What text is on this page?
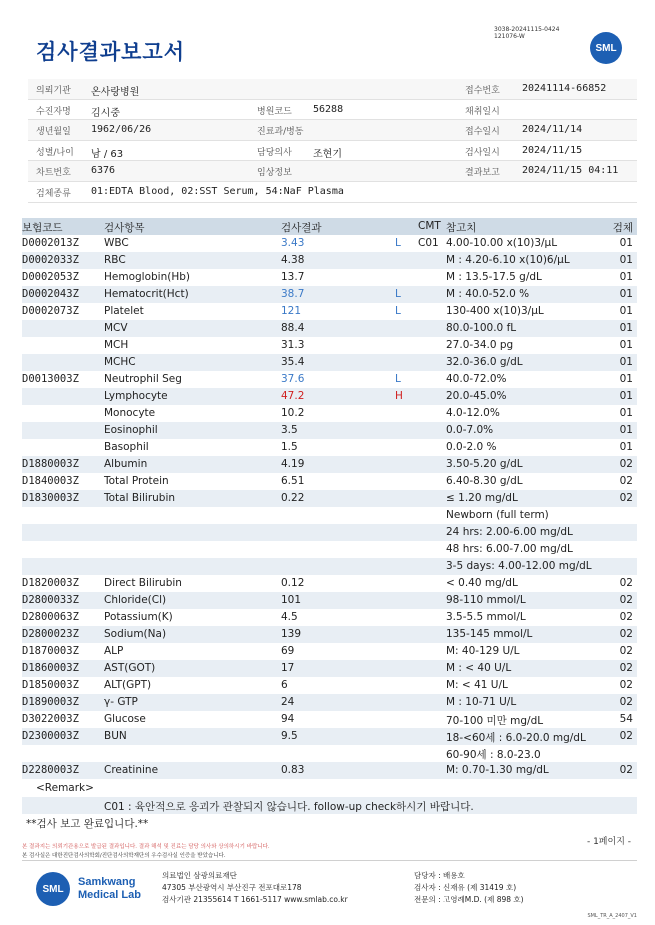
검사결과보고서
3038-20241115-0424
121076-W
SML
의뢰기관 온사랑병원	접수번호 20241114-66852
수진자명 김시중	병원코드 56288	채취일시
생년월일 1962/06/26	진료과/병동	접수일시 2024/11/14
성별/나이 남 / 63	담당의사 조현기	검사일시 2024/11/15
차트번호 6376	임상정보	결과보고 2024/11/15 04:11
검체종류 01:EDTA Blood, 02:SST Serum, 54:NaF Plasma
보험코드	검사항목	검사결과	CMT 참고치	검체
D0002013Z WBC	3.43	L C01 4.00-10.00 x(10)3/μL	01
D0002033Z RBC	4.38	M : 4.20-6.10 x(10)6/μL	01
D0002053Z Hemoglobin(Hb)	13.7	M : 13.5-17.5 g/dL	01
D0002043Z Hematocrit(Hct)	38.7	L	M : 40.0-52.0 %	01
D0002073Z Platelet	121	L	130-400 x(10)3/μL	01
MCV	88.4	80.0-100.0 fL	01
MCH	31.3	27.0-34.0 pg	01
MCHC	35.4	32.0-36.0 g/dL	01
D0013003Z Neutrophil Seg	37.6	L	40.0-72.0%	01
Lymphocyte	47.2	H	20.0-45.0%	01
Monocyte	10.2	4.0-12.0%	01
Eosinophil	3.5	0.0-7.0%	01
Basophil	1.5	0.0-2.0 %	01
D1880003Z Albumin	4.19	3.50-5.20 g/dL	02
D1840003Z Total Protein	6.51	6.40-8.30 g/dL	02
D1830003Z Total Bilirubin	0.22	≤ 1.20 mg/dL	02
Newborn (full term)
24 hrs: 2.00-6.00 mg/dL
48 hrs: 6.00-7.00 mg/dL
3-5 days: 4.00-12.00 mg/dL
D1820003Z Direct Bilirubin	0.12	< 0.40 mg/dL	02
D2800033Z Chloride(Cl)	101	98-110 mmol/L	02
D2800063Z Potassium(K)	4.5	3.5-5.5 mmol/L	02
D2800023Z Sodium(Na)	139	135-145 mmol/L	02
D1870003Z ALP	69	M: 40-129 U/L	02
D1860003Z AST(GOT)	17	M : < 40 U/L	02
D1850003Z ALT(GPT)	6	M: < 41 U/L	02
D1890003Z γ- GTP	24	M : 10-71 U/L	02
D3022003Z Glucose	94	70-100 미만 mg/dL	54
D2300003Z BUN	9.5	18-<60세 : 6.0-20.0 mg/dL	02
60-90세 : 8.0-23.0
D2280003Z Creatinine	0.83	M: 0.70-1.30 mg/dL	02
<Remark>
C01 : 육안적으로 응괴가 관찰되지 않습니다. follow-up check하시기 바랍니다.
**검사 보고 완료입니다.**
- 1페이지 -
본 결과지는 의뢰기관용으로 발급된 결과입니다. 결과 해석 및 진료는 담당 의사와 상의하시기 바랍니다.
본 검사실은 대한진단검사의학회/진단검사의학재단의 우수검사실 인증을 받았습니다.
SML
Samkwang
Medical Lab
의료법인 삼광의료재단
47305 부산광역시 부산진구 전포대로178
검사기관 21355614 T 1661-5117 www.smlab.co.kr
담당자 : 배용호
검사자 : 신재유 (제 31419 호)
전문의 : 고영례M.D. (제 898 호)
SML_TR_A_2407_V1
